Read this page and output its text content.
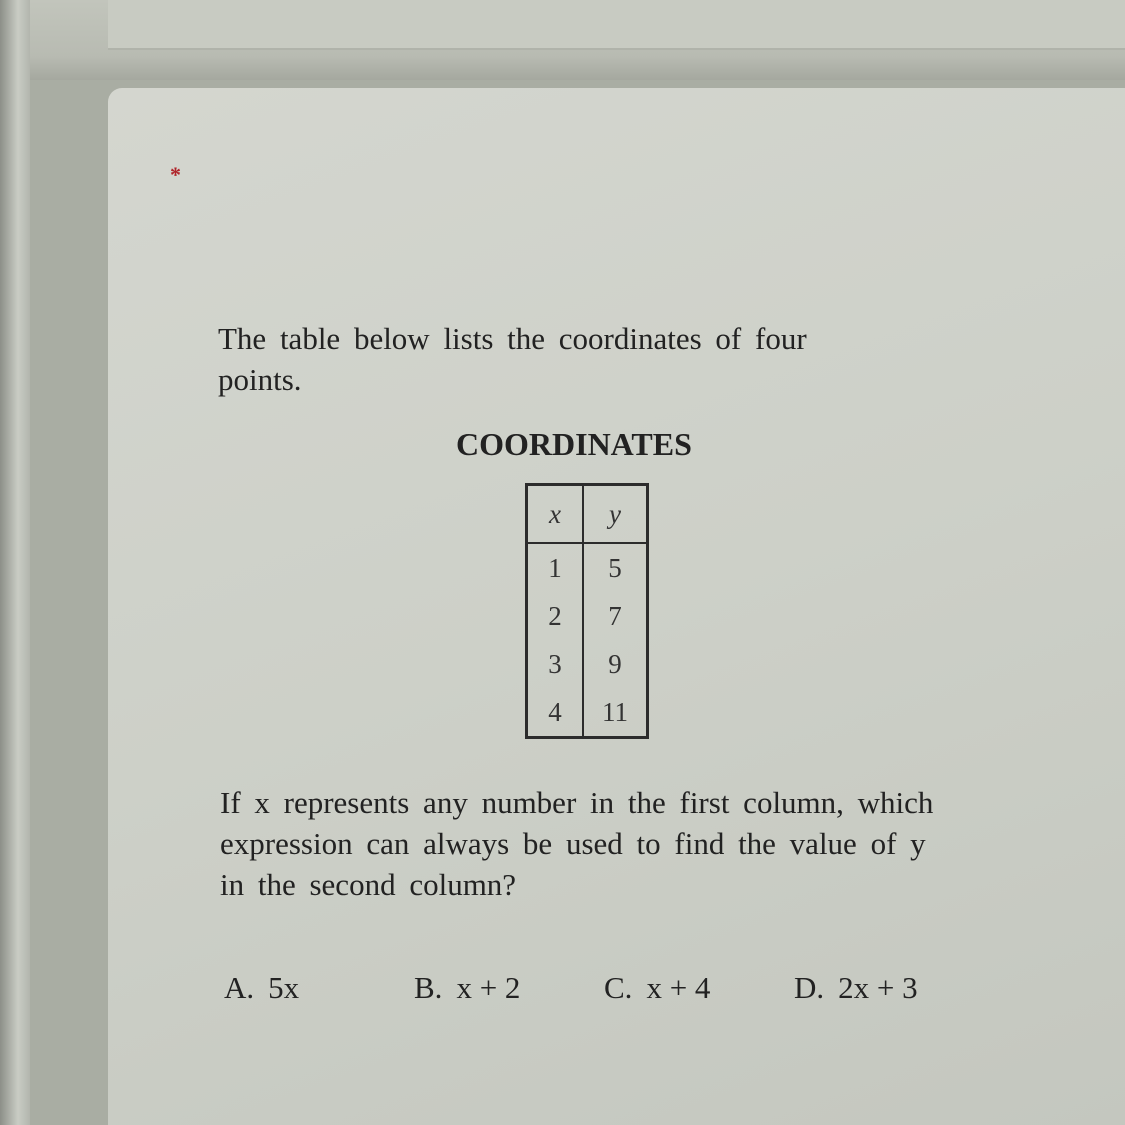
*

The table below lists the coordinates of four points.

COORDINATES

x	y
1	5
2	7
3	9
4	11

If x represents any number in the first column, which expression can always be used to find the value of y in the second column?

A. 5x	B. x + 2	C. x + 4	D. 2x + 3
